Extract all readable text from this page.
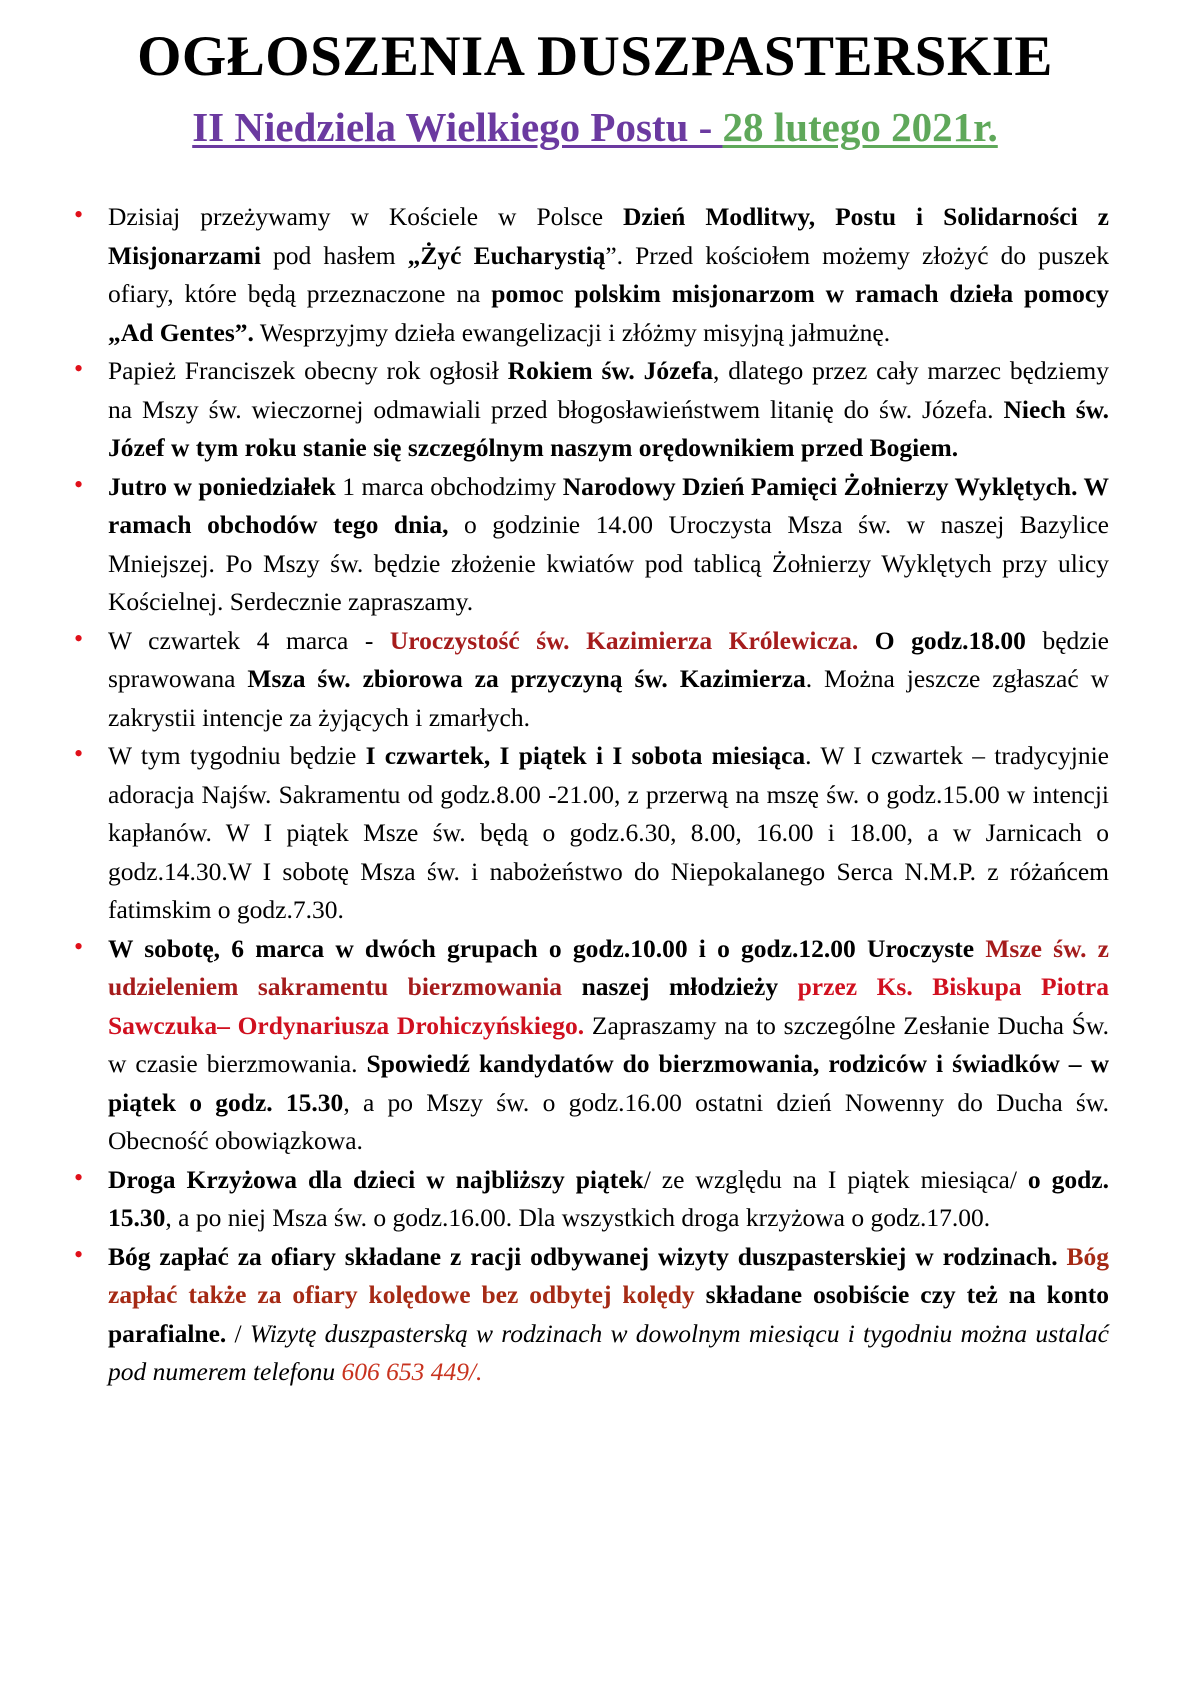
OGŁOSZENIA DUSZPASTERSKIE
II Niedziela Wielkiego Postu - 28 lutego 2021r.
• Dzisiaj przeżywamy w Kościele w Polsce Dzień Modlitwy, Postu i Solidarności z Misjonarzami pod hasłem „Żyć Eucharystią”. Przed kościołem możemy złożyć do puszek ofiary, które będą przeznaczone na pomoc polskim misjonarzom w ramach dzieła pomocy „Ad Gentes”. Wesprzyjmy dzieła ewangelizacji i złóżmy misyjną jałmużnę.
• Papież Franciszek obecny rok ogłosił Rokiem św. Józefa, dlatego przez cały marzec będziemy na Mszy św. wieczornej odmawiali przed błogosławieństwem litanię do św. Józefa. Niech św. Józef w tym roku stanie się szczególnym naszym orędownikiem przed Bogiem.
• Jutro w poniedziałek 1 marca obchodzimy Narodowy Dzień Pamięci Żołnierzy Wyklętych. W ramach obchodów tego dnia, o godzinie 14.00 Uroczysta Msza św. w naszej Bazylice Mniejszej. Po Mszy św. będzie złożenie kwiatów pod tablicą Żołnierzy Wyklętych przy ulicy Kościelnej. Serdecznie zapraszamy.
• W czwartek 4 marca - Uroczystość św. Kazimierza Królewicza. O godz.18.00 będzie sprawowana Msza św. zbiorowa za przyczyną św. Kazimierza. Można jeszcze zgłaszać w zakrystii intencje za żyjących i zmarłych.
• W tym tygodniu będzie I czwartek, I piątek i I sobota miesiąca. W I czwartek – tradycyjnie adoracja Najśw. Sakramentu od godz.8.00 -21.00, z przerwą na mszę św. o godz.15.00 w intencji kapłanów. W I piątek Msze św. będą o godz.6.30, 8.00, 16.00 i 18.00, a w Jarnicach o godz.14.30.W I sobotę Msza św. i nabożeństwo do Niepokalanego Serca N.M.P. z różańcem fatimskim o godz.7.30.
• W sobotę, 6 marca w dwóch grupach o godz.10.00 i o godz.12.00 Uroczyste Msze św. z udzieleniem sakramentu bierzmowania naszej młodzieży przez Ks. Biskupa Piotra Sawczuka– Ordynariusza Drohiczyńskiego. Zapraszamy na to szczególne Zesłanie Ducha Św. w czasie bierzmowania. Spowiedź kandydatów do bierzmowania, rodziców i świadków – w piątek o godz. 15.30, a po Mszy św. o godz.16.00 ostatni dzień Nowenny do Ducha św. Obecność obowiązkowa.
• Droga Krzyżowa dla dzieci w najbliższy piątek/ ze względu na I piątek miesiąca/ o godz. 15.30, a po niej Msza św. o godz.16.00. Dla wszystkich droga krzyżowa o godz.17.00.
• Bóg zapłać za ofiary składane z racji odbywanej wizyty duszpasterskiej w rodzinach. Bóg zapłać także za ofiary kolędowe bez odbytej kolędy składane osobiście czy też na konto parafialne. / Wizytę duszpasterską w rodzinach w dowolnym miesiącu i tygodniu można ustalać pod numerem telefonu 606 653 449/.
